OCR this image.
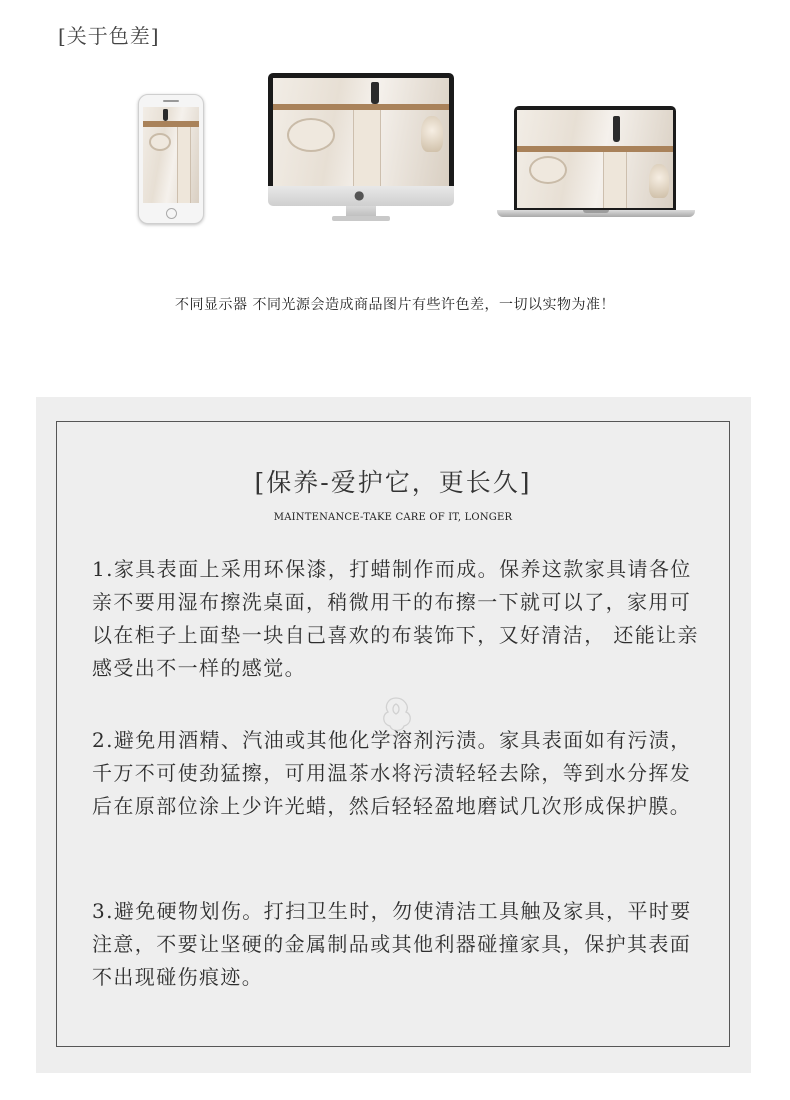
[关于色差]
●
不同显示器 不同光源会造成商品图片有些许色差，一切以实物为准！
[保养-爱护它，更长久]
MAINTENANCE-TAKE CARE OF IT, LONGER
1.家具表面上采用环保漆，打蜡制作而成。保养这款家具请各位亲不要用湿布擦洗桌面，稍微用干的布擦一下就可以了，家用可以在柜子上面垫一块自己喜欢的布装饰下，又好清洁， 还能让亲感受出不一样的感觉。
2.避免用酒精、汽油或其他化学溶剂污渍。家具表面如有污渍，千万不可使劲猛擦，可用温茶水将污渍轻轻去除，等到水分挥发后在原部位涂上少许光蜡，然后轻轻盈地磨试几次形成保护膜。
3.避免硬物划伤。打扫卫生时，勿使清洁工具触及家具，平时要注意，不要让坚硬的金属制品或其他利器碰撞家具，保护其表面不出现碰伤痕迹。
